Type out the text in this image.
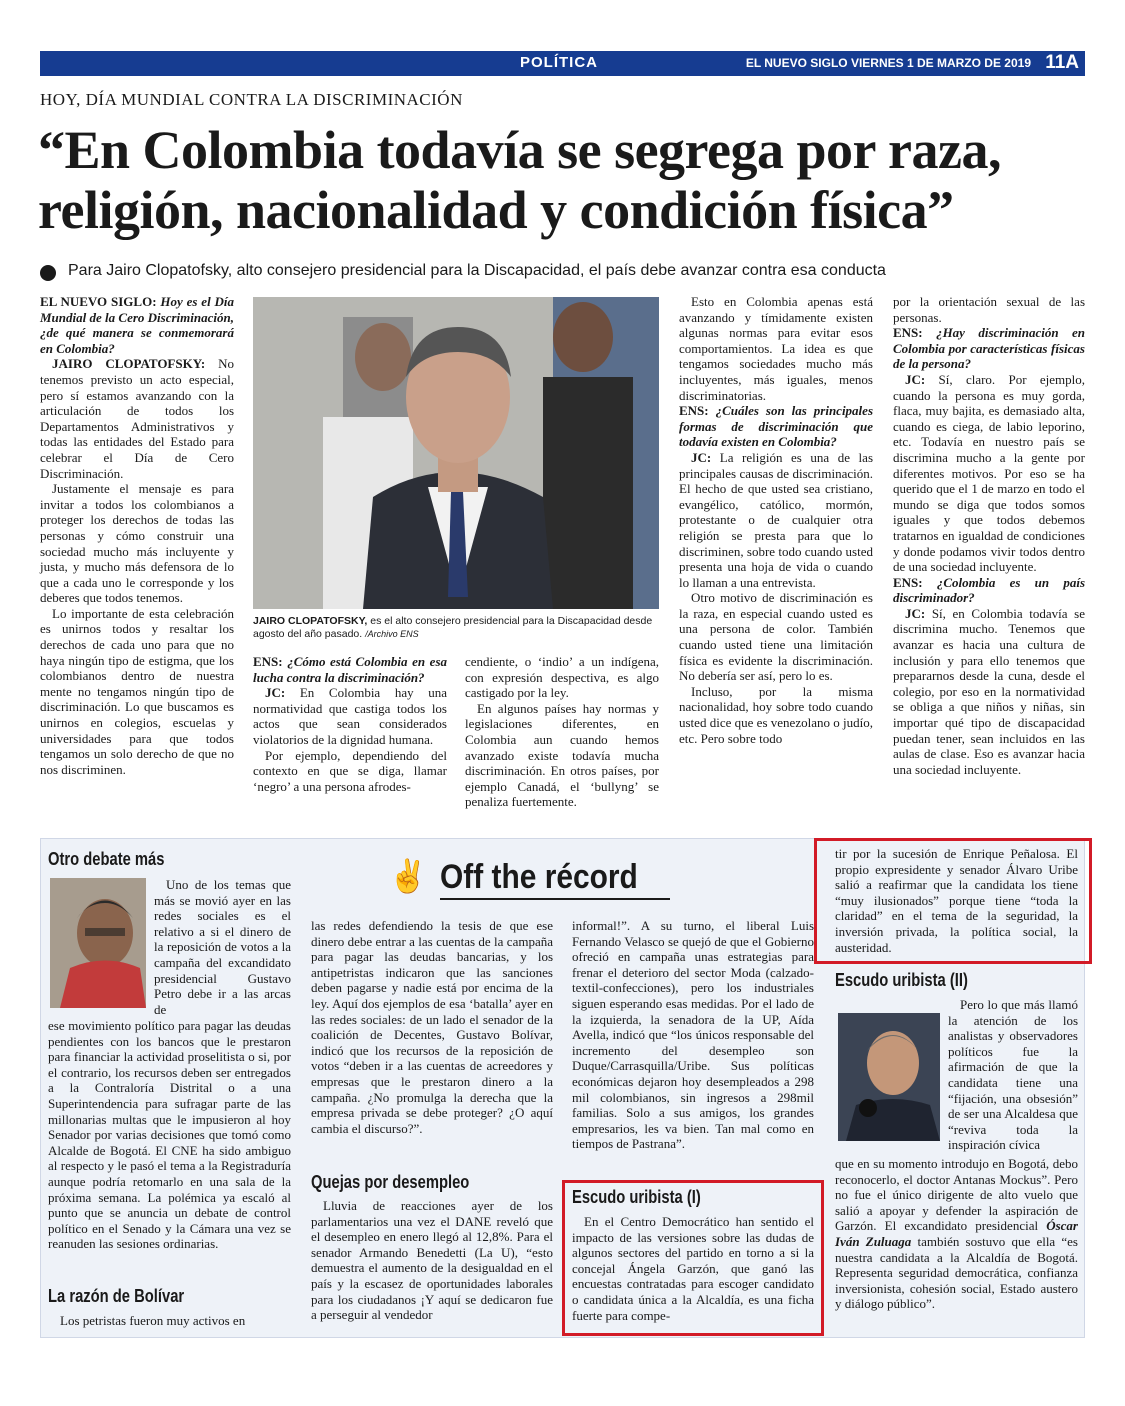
POLÍTICA	EL NUEVO SIGLO VIERNES 1 DE MARZO DE 2019 11A
HOY, DÍA MUNDIAL CONTRA LA DISCRIMINACIÓN
“En Colombia todavía se segrega por raza,
religión, nacionalidad y condición física”
Para Jairo Clopatofsky, alto consejero presidencial para la Discapacidad, el país debe avanzar contra esa conducta

EL NUEVO SIGLO: Hoy es el Día Mundial de la Cero Discriminación, ¿de qué manera se conmemorará en Colombia?

JAIRO CLOPATOFSKY: No tenemos previsto un acto especial, pero sí estamos avanzando con la articulación de todos los Departamentos Administrativos y todas las entidades del Estado para celebrar el Día de Cero Discriminación.

Justamente el mensaje es para invitar a todos los colombianos a proteger los derechos de todas las personas y cómo construir una sociedad mucho más incluyente y justa, y mucho más defensora de lo que a cada uno le corresponde y los deberes que todos tenemos.

Lo importante de esta celebración es unirnos todos y resaltar los derechos de cada uno para que no haya ningún tipo de estigma, que los colombianos dentro de nuestra mente no tengamos ningún tipo de discriminación. Lo que buscamos es unirnos en colegios, escuelas y universidades para que todos tengamos un solo derecho de que no nos discriminen.

JAIRO CLOPATOFSKY, es el alto consejero presidencial para la Discapacidad desde agosto del año pasado. /Archivo ENS

ENS: ¿Cómo está Colombia en esa lucha contra la discriminación?

JC: En Colombia hay una normatividad que castiga todos los actos que sean considerados violatorios de la dignidad humana.

Por ejemplo, dependiendo del contexto en que se diga, llamar ‘negro’ a una persona afrodes-

cendiente, o ‘indio’ a un indígena, con expresión despectiva, es algo castigado por la ley.

En algunos países hay normas y legislaciones diferentes, en Colombia aun cuando hemos avanzado existe todavía mucha discriminación. En otros países, por ejemplo Canadá, el ‘bullyng’ se penaliza fuertemente.

Esto en Colombia apenas está avanzando y tímidamente existen algunas normas para evitar esos comportamientos. La idea es que tengamos sociedades mucho más incluyentes, más iguales, menos discriminatorias.

ENS: ¿Cuáles son las principales formas de discriminación que todavía existen en Colombia?

JC: La religión es una de las principales causas de discriminación. El hecho de que usted sea cristiano, evangélico, católico, mormón, protestante o de cualquier otra religión se presta para que lo discriminen, sobre todo cuando usted presenta una hoja de vida o cuando lo llaman a una entrevista.

Otro motivo de discriminación es la raza, en especial cuando usted es una persona de color. También cuando usted tiene una limitación física es evidente la discriminación. No debería ser así, pero lo es.

Incluso, por la misma nacionalidad, hoy sobre todo cuando usted dice que es venezolano o judío, etc. Pero sobre todo

por la orientación sexual de las personas.

ENS: ¿Hay discriminación en Colombia por características físicas de la persona?

JC: Sí, claro. Por ejemplo, cuando la persona es muy gorda, flaca, muy bajita, es demasiado alta, cuando es ciega, de labio leporino, etc. Todavía en nuestro país se discrimina mucho a la gente por diferentes motivos. Por eso se ha querido que el 1 de marzo en todo el mundo se diga que todos somos iguales y que todos debemos tratarnos en igualdad de condiciones y donde podamos vivir todos dentro de una sociedad incluyente.

ENS: ¿Colombia es un país discriminador?

JC: Sí, en Colombia todavía se discrimina mucho. Tenemos que avanzar es hacia una cultura de inclusión y para ello tenemos que prepararnos desde la cuna, desde el colegio, por eso en la normatividad se obliga a que niños y niñas, sin importar qué tipo de discapacidad puedan tener, sean incluidos en las aulas de clase. Eso es avanzar hacia una sociedad incluyente.

✌ Off the récord
Otro debate más

Uno de los temas que más se movió ayer en las redes sociales es el relativo a si el dinero de la reposición de votos a la campaña del excandidato presidencial Gustavo Petro debe ir a las arcas de

ese movimiento político para pagar las deudas pendientes con los bancos que le prestaron para financiar la actividad proselitista o si, por el contrario, los recursos deben ser entregados a la Contraloría Distrital o a una Superintendencia para sufragar parte de las millonarias multas que le impusieron al hoy Senador por varias decisiones que tomó como Alcalde de Bogotá. El CNE ha sido ambiguo al respecto y le pasó el tema a la Registraduría aunque podría retomarlo en una sala de la próxima semana. La polémica ya escaló al punto que se anuncia un debate de control político en el Senado y la Cámara una vez se reanuden las sesiones ordinarias.

La razón de Bolívar

Los petristas fueron muy activos en

las redes defendiendo la tesis de que ese dinero debe entrar a las cuentas de la campaña para pagar las deudas bancarias, y los antipetristas indicaron que las sanciones deben pagarse y nadie está por encima de la ley. Aquí dos ejemplos de esa ‘batalla’ ayer en las redes sociales: de un lado el senador de la coalición de Decentes, Gustavo Bolívar, indicó que los recursos de la reposición de votos “deben ir a las cuentas de acreedores y empresas que le prestaron dinero a la campaña. ¿No promulga la derecha que la empresa privada se debe proteger? ¿O aquí cambia el discurso?”.

Quejas por desempleo

Lluvia de reacciones ayer de los parlamentarios una vez el DANE reveló que el desempleo en enero llegó al 12,8%. Para el senador Armando Benedetti (La U), “esto demuestra el aumento de la desigualdad en el país y la escasez de oportunidades laborales para los ciudadanos ¡Y aquí se dedicaron fue a perseguir al vendedor

informal!”. A su turno, el liberal Luis Fernando Velasco se quejó de que el Gobierno ofreció en campaña unas estrategias para frenar el deterioro del sector Moda (calzado-textil-confecciones), pero los industriales siguen esperando esas medidas. Por el lado de la izquierda, la senadora de la UP, Aída Avella, indicó que “los únicos responsable del incremento del desempleo son Duque/Carrasquilla/Uribe. Sus políticas económicas dejaron hoy desempleados a 298 mil colombianos, sin ingresos a 298mil familias. Solo a sus amigos, los grandes empresarios, les va bien. Tan mal como en tiempos de Pastrana”.

Escudo uribista (I)

En el Centro Democrático han sentido el impacto de las versiones sobre las dudas de algunos sectores del partido en torno a si la concejal Ángela Garzón, que ganó las encuestas contratadas para escoger candidato o candidata única a la Alcaldía, es una ficha fuerte para compe-

tir por la sucesión de Enrique Peñalosa. El propio expresidente y senador Álvaro Uribe salió a reafirmar que la candidata los tiene “muy ilusionados” porque tiene “toda la claridad” en el tema de la seguridad, la inversión privada, la política social, la austeridad.

Escudo uribista (II)

Pero lo que más llamó la atención de los analistas y observadores políticos fue la afirmación de que la candidata tiene una “fijación, una obsesión” de ser una Alcaldesa que “reviva toda la inspiración cívica

que en su momento introdujo en Bogotá, debo reconocerlo, el doctor Antanas Mockus”. Pero no fue el único dirigente de alto vuelo que salió a apoyar y defender la aspiración de Garzón. El excandidato presidencial Óscar Iván Zuluaga también sostuvo que ella “es nuestra candidata a la Alcaldía de Bogotá. Representa seguridad democrática, confianza inversionista, cohesión social, Estado austero y diálogo público”.
